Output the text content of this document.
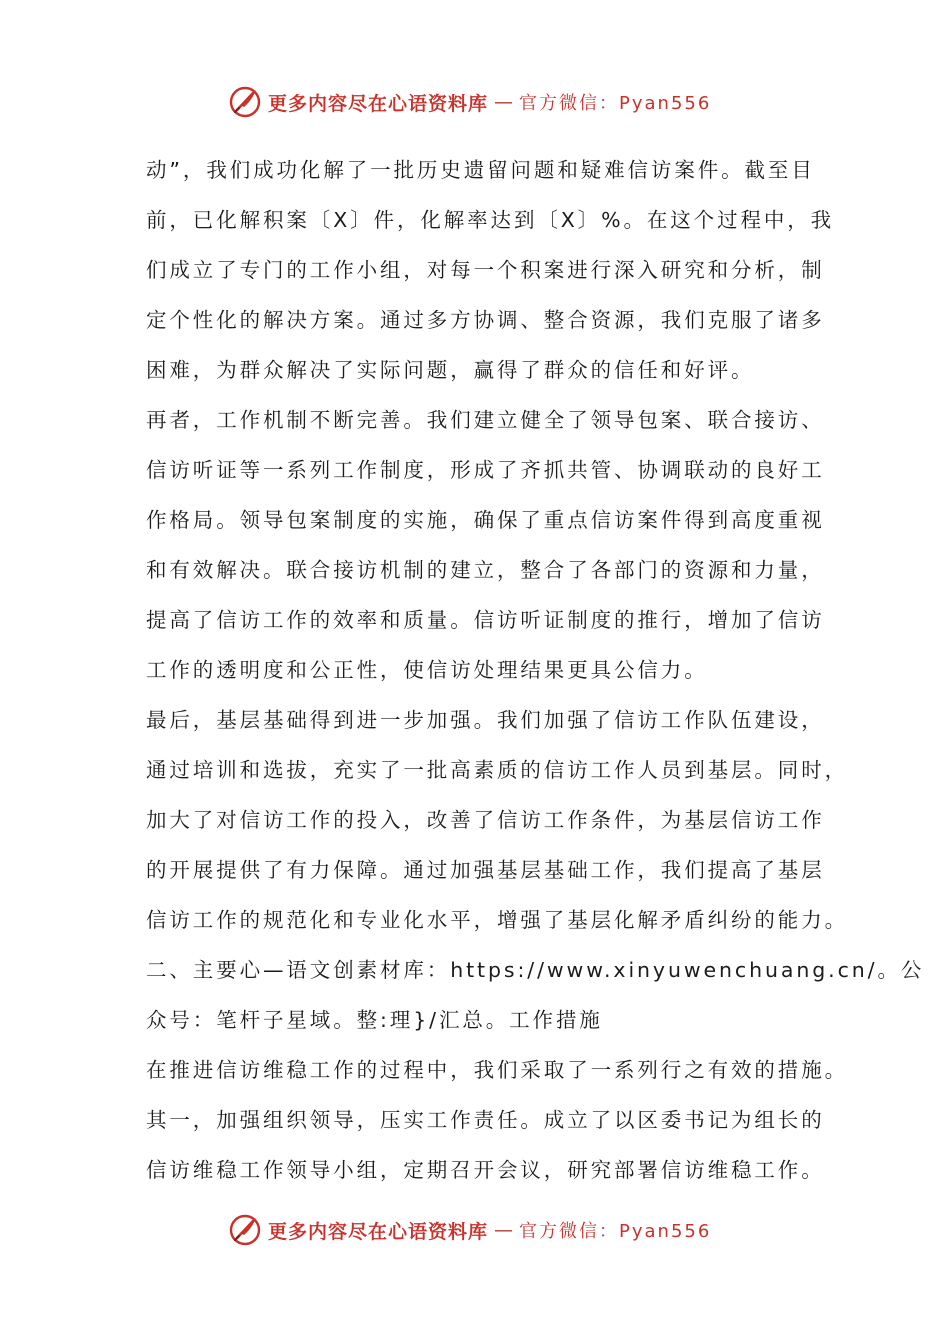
更多内容尽在心语资料库 — 官方微信：Pyan556
动”，我们成功化解了一批历史遗留问题和疑难信访案件。截至目
前，已化解积案〔X〕件，化解率达到〔X〕%。在这个过程中，我
们成立了专门的工作小组，对每一个积案进行深入研究和分析，制
定个性化的解决方案。通过多方协调、整合资源，我们克服了诸多
困难，为群众解决了实际问题，赢得了群众的信任和好评。
再者，工作机制不断完善。我们建立健全了领导包案、联合接访、
信访听证等一系列工作制度，形成了齐抓共管、协调联动的良好工
作格局。领导包案制度的实施，确保了重点信访案件得到高度重视
和有效解决。联合接访机制的建立，整合了各部门的资源和力量，
提高了信访工作的效率和质量。信访听证制度的推行，增加了信访
工作的透明度和公正性，使信访处理结果更具公信力。
最后，基层基础得到进一步加强。我们加强了信访工作队伍建设，
通过培训和选拔，充实了一批高素质的信访工作人员到基层。同时，
加大了对信访工作的投入，改善了信访工作条件，为基层信访工作
的开展提供了有力保障。通过加强基层基础工作，我们提高了基层
信访工作的规范化和专业化水平，增强了基层化解矛盾纠纷的能力。
二、主要心—语文创素材库：https://www.xinyuwenchuang.cn/。公
众号：笔杆子星域。整:理}/汇总。工作措施
在推进信访维稳工作的过程中，我们采取了一系列行之有效的措施。
其一，加强组织领导，压实工作责任。成立了以区委书记为组长的
信访维稳工作领导小组，定期召开会议，研究部署信访维稳工作。
更多内容尽在心语资料库 — 官方微信：Pyan556
